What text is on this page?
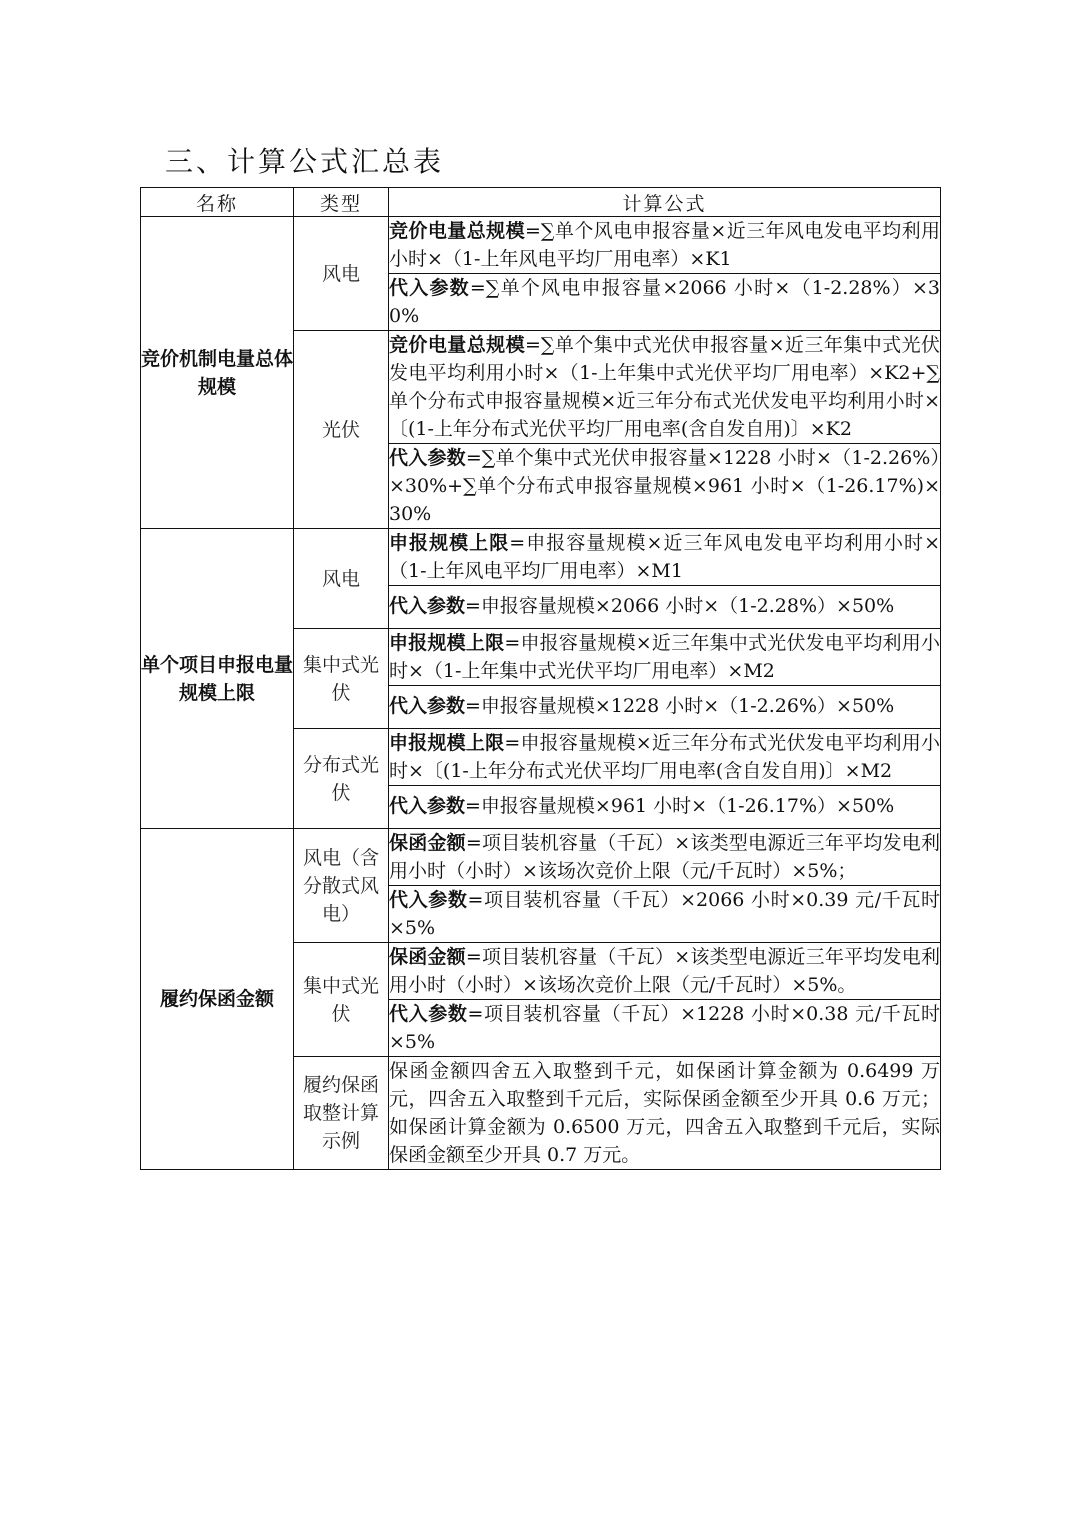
三、计算公式汇总表
名称	类型	计算公式
竞价机制电量总体规模	风电	竞价电量总规模=∑单个风电申报容量×近三年风电发电平均利用小时×（1-上年风电平均厂用电率）×K1
		代入参数=∑单个风电申报容量×2066 小时×（1-2.28%）×30%
	光伏	竞价电量总规模=∑单个集中式光伏申报容量×近三年集中式光伏发电平均利用小时×（1-上年集中式光伏平均厂用电率）×K2+∑单个分布式申报容量规模×近三年分布式光伏发电平均利用小时×〔(1-上年分布式光伏平均厂用电率(含自发自用)〕×K2
		代入参数=∑单个集中式光伏申报容量×1228 小时×（1-2.26%）×30%+∑单个分布式申报容量规模×961 小时×（1-26.17%)×30%
单个项目申报电量规模上限	风电	申报规模上限=申报容量规模×近三年风电发电平均利用小时×（1-上年风电平均厂用电率）×M1
		代入参数=申报容量规模×2066 小时×（1-2.28%）×50%
	集中式光伏	申报规模上限=申报容量规模×近三年集中式光伏发电平均利用小时×（1-上年集中式光伏平均厂用电率）×M2
		代入参数=申报容量规模×1228 小时×（1-2.26%）×50%
	分布式光伏	申报规模上限=申报容量规模×近三年分布式光伏发电平均利用小时×〔(1-上年分布式光伏平均厂用电率(含自发自用)〕×M2
		代入参数=申报容量规模×961 小时×（1-26.17%）×50%
履约保函金额	风电（含分散式风电）	保函金额=项目装机容量（千瓦）×该类型电源近三年平均发电利用小时（小时）×该场次竞价上限（元/千瓦时）×5%；
		代入参数=项目装机容量（千瓦）×2066 小时×0.39 元/千瓦时×5%
	集中式光伏	保函金额=项目装机容量（千瓦）×该类型电源近三年平均发电利用小时（小时）×该场次竞价上限（元/千瓦时）×5%。
		代入参数=项目装机容量（千瓦）×1228 小时×0.38 元/千瓦时×5%
	履约保函取整计算示例	保函金额四舍五入取整到千元，如保函计算金额为 0.6499 万元，四舍五入取整到千元后，实际保函金额至少开具 0.6 万元；如保函计算金额为 0.6500 万元，四舍五入取整到千元后，实际保函金额至少开具 0.7 万元。
